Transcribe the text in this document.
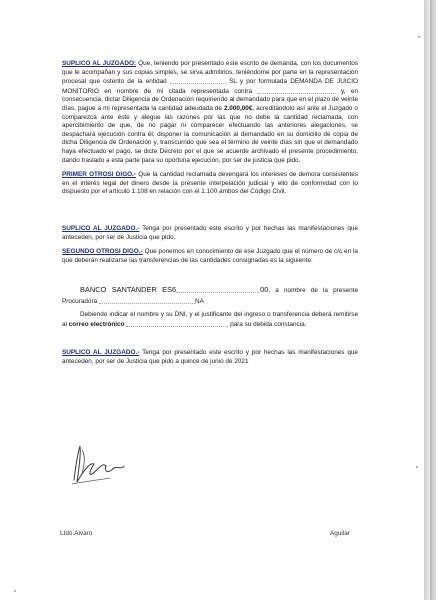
SUPLICO AL JUZGADO: Que, teniendo por presentado este escrito de demanda, con los documentos que le acompañan y sus copias simples, se sirva admitirlos, teniéndome por parte en la representación procesal que ostento de la entidad	SL y por formulada DEMANDA DE JUICIO MONITORIO en nombre de mi citada representada contra	y, en consecuencia, dictar Diligencia de Ordenación requiriendo al demandado para que en el plazo de veinte días, pague a mi representada la cantidad adeudada de 2.000,00€, acreditándolo así ante el Juzgado o comparezca ante éste y alegue las razones por las que no debe la cantidad reclamada, con apercibimiento de que, de no pagar ni comparecer efectuando las anteriores alegaciones, se despachará ejecución contra él; disponer la comunicación al demandado en su domicilio de copia de dicha Diligencia de Ordenación y, transcurrido que sea el término de veinte días sin que el demandado haya efectuado el pago, se dicte Decreto por el que se acuerde archivado el presente procedimiento, dando traslado a esta parte para su oportuna ejecución, por ser de justicia que pido.

PRIMER OTROSI DIGO.- Que la cantidad reclamada devengará los intereses de demora consistentes en el interés legal del dinero desde la presente interpelación judicial y ello de conformidad con lo dispuesto por el artículo 1.108 en relación con el 1.100 ambos del Código Civil.

SUPLICO AL JUZGADO.- Tenga por presentado este escrito y por hechas las manifestaciones que anteceden, por ser de Justicia que pido.

SEGUNDO OTROSI DIGO.- Que ponemos en conocimiento de ese Juzgado que el número de c/c en la que deberán realizarse las transferencias de las cantidades consignadas es la siguiente:

BANCO SANTANDER ES6	00, a nombre de la presente Procuradora	NA

Debiendo indicar el nombre y su DNI, y el justificante del ingreso o transferencia deberá remitirse al correo electrónico	para su debida constancia.

SUPLICO AL JUZGADO.- Tenga por presentado este escrito y por hechas las manifestaciones que anteceden, por ser de Justicia que pido a quince de junio de 2021

Ltdo.Alvaro	Aguilar
